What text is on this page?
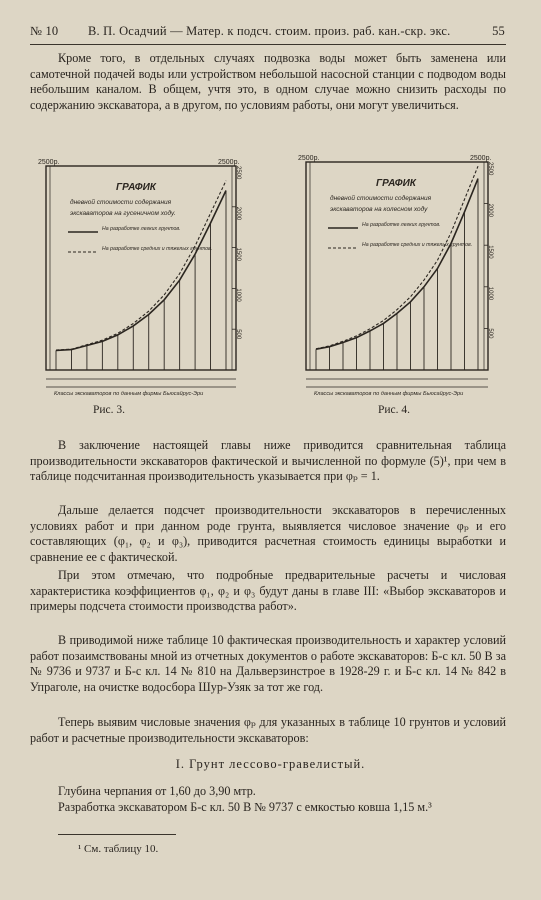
№ 10 В. П. Осадчий — Матер. к подсч. стоим. произ. раб. кан.-скр. экс.	55
Кроме того, в отдельных случаях подвозка воды может быть заменена или самотечной подачей воды или устройством небольшой насосной станции с подводом воды небольшим каналом. В общем, учтя это, в одном случае можно снизить расходы по содержанию экскаватора, а в другом, по условиям работы, они могут увеличиться.
2500р.	2500р.
2500
2000
1500
1000
500
Классы экскаваторов по данным фирмы Бьюсайрус-Эри
ГРАФИК
дневной стоимости содержания
экскаваторов на гусеничном ходу.
На разработке легких грунтов.
На разработке средних и тяжелых грунтов.
Рис. 3.
2500р.	2500р.
2500
2000
1500
1000
500
Классы экскаваторов по данным фирмы Бьюсайрус-Эри
ГРАФИК
дневной стоимости содержания
экскаваторов на колесном ходу
На разработке легких грунтов.
На разработке средних и тяжелых грунтов.
Рис. 4.
В заключение настоящей главы ниже приводится сравнительная таблица производительности экскаваторов фактической и вычисленной по формуле (5)¹, при чем в таблице подсчитанная производительность указывается при φₚ = 1.
Дальше делается подсчет производительности экскаваторов в перечисленных условиях работ и при данном роде грунта, выявляется числовое значение φₚ и его составляющих (φ₁, φ₂ и φ₃), приводится расчетная стоимость единицы выработки и сравнение ее с фактической.
При этом отмечаю, что подробные предварительные расчеты и числовая характеристика коэффициентов φ₁, φ₂ и φ₃ будут даны в главе III: «Выбор экскаваторов и примеры подсчета стоимости производства работ».
В приводимой ниже таблице 10 фактическая производительность и характер условий работ позаимствованы мной из отчетных документов о работе экскаваторов: Б-с кл. 50 В за № 9736 и 9737 и Б-с кл. 14 № 810 на Дальверзинстрое в 1928-29 г. и Б-с кл. 14 № 842 в Упраголе, на очистке водосбора Шур-Узяк за тот же год.
Теперь выявим числовые значения φₚ для указанных в таблице 10 грунтов и условий работ и расчетные производительности экскаваторов:
I. Грунт лессово-гравелистый.
Глубина черпания от 1,60 до 3,90 мтр.
Разработка экскаватором Б-с кл. 50 В № 9737 с емкостью ковша 1,15 м.³
¹ См. таблицу 10.
